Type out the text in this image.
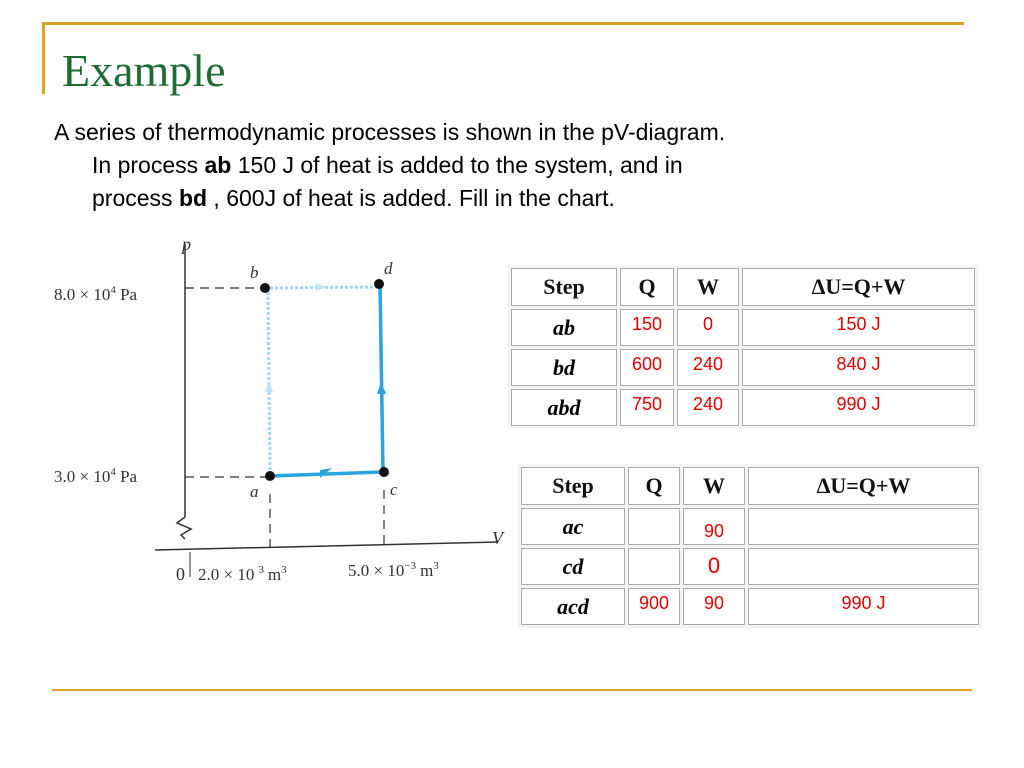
Example
A series of thermodynamic processes is shown in the pV-diagram.
In process ab 150 J of heat is added to the system, and in
process bd , 600J of heat is added. Fill in the chart.
p
V
b	d
a	c
$8.0 \times 10^4$ Pa
$3.0 \times 10^4$ Pa
0 2.0 × 10 $^3$ $m^3$	$5.0 \times 10^{-3}$ $m^3$
Step	Q	W	ΔU=Q+W
ab	150	0	150 J

bd	600	240	840 J

abd	750	240	990 J
Step	Q	W	ΔU=Q+W
ac		90	

cd		0	

acd	900	90	990 J
